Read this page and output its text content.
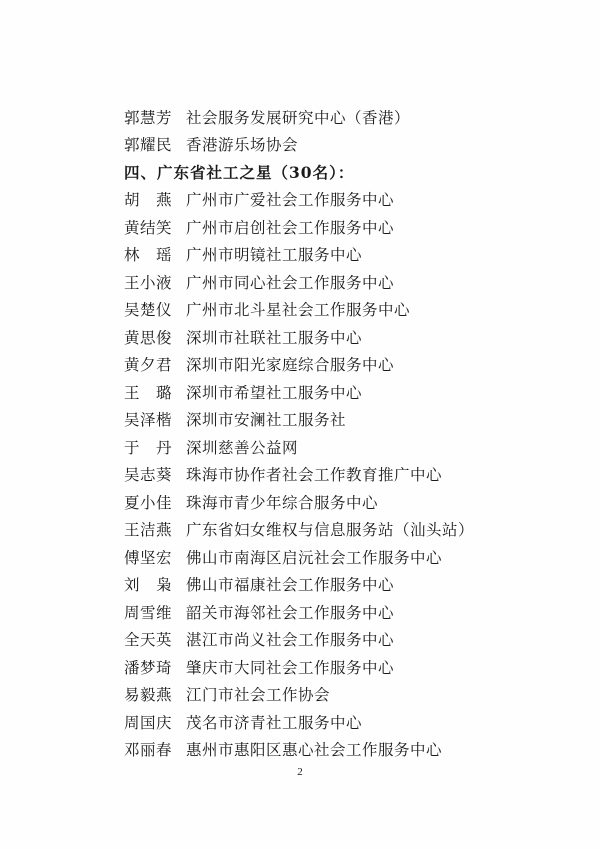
郭慧芳 社会服务发展研究中心（香港）
郭耀民 香港游乐场协会
四、广东省社工之星（30名）：
胡　燕 广州市广爱社会工作服务中心
黄结笑 广州市启创社会工作服务中心
林　瑶 广州市明镜社工服务中心
王小液 广州市同心社会工作服务中心
吴楚仪 广州市北斗星社会工作服务中心
黄思俊 深圳市社联社工服务中心
黄夕君 深圳市阳光家庭综合服务中心
王　璐 深圳市希望社工服务中心
吴泽楷 深圳市安澜社工服务社
于　丹 深圳慈善公益网
吴志葵 珠海市协作者社会工作教育推广中心
夏小佳 珠海市青少年综合服务中心
王洁燕 广东省妇女维权与信息服务站（汕头站）
傅坚宏 佛山市南海区启沅社会工作服务中心
刘　枭 佛山市福康社会工作服务中心
周雪维 韶关市海邻社会工作服务中心
全天英 湛江市尚义社会工作服务中心
潘梦琦 肇庆市大同社会工作服务中心
易毅燕 江门市社会工作协会
周国庆 茂名市济青社工服务中心
邓丽春 惠州市惠阳区惠心社会工作服务中心
2
